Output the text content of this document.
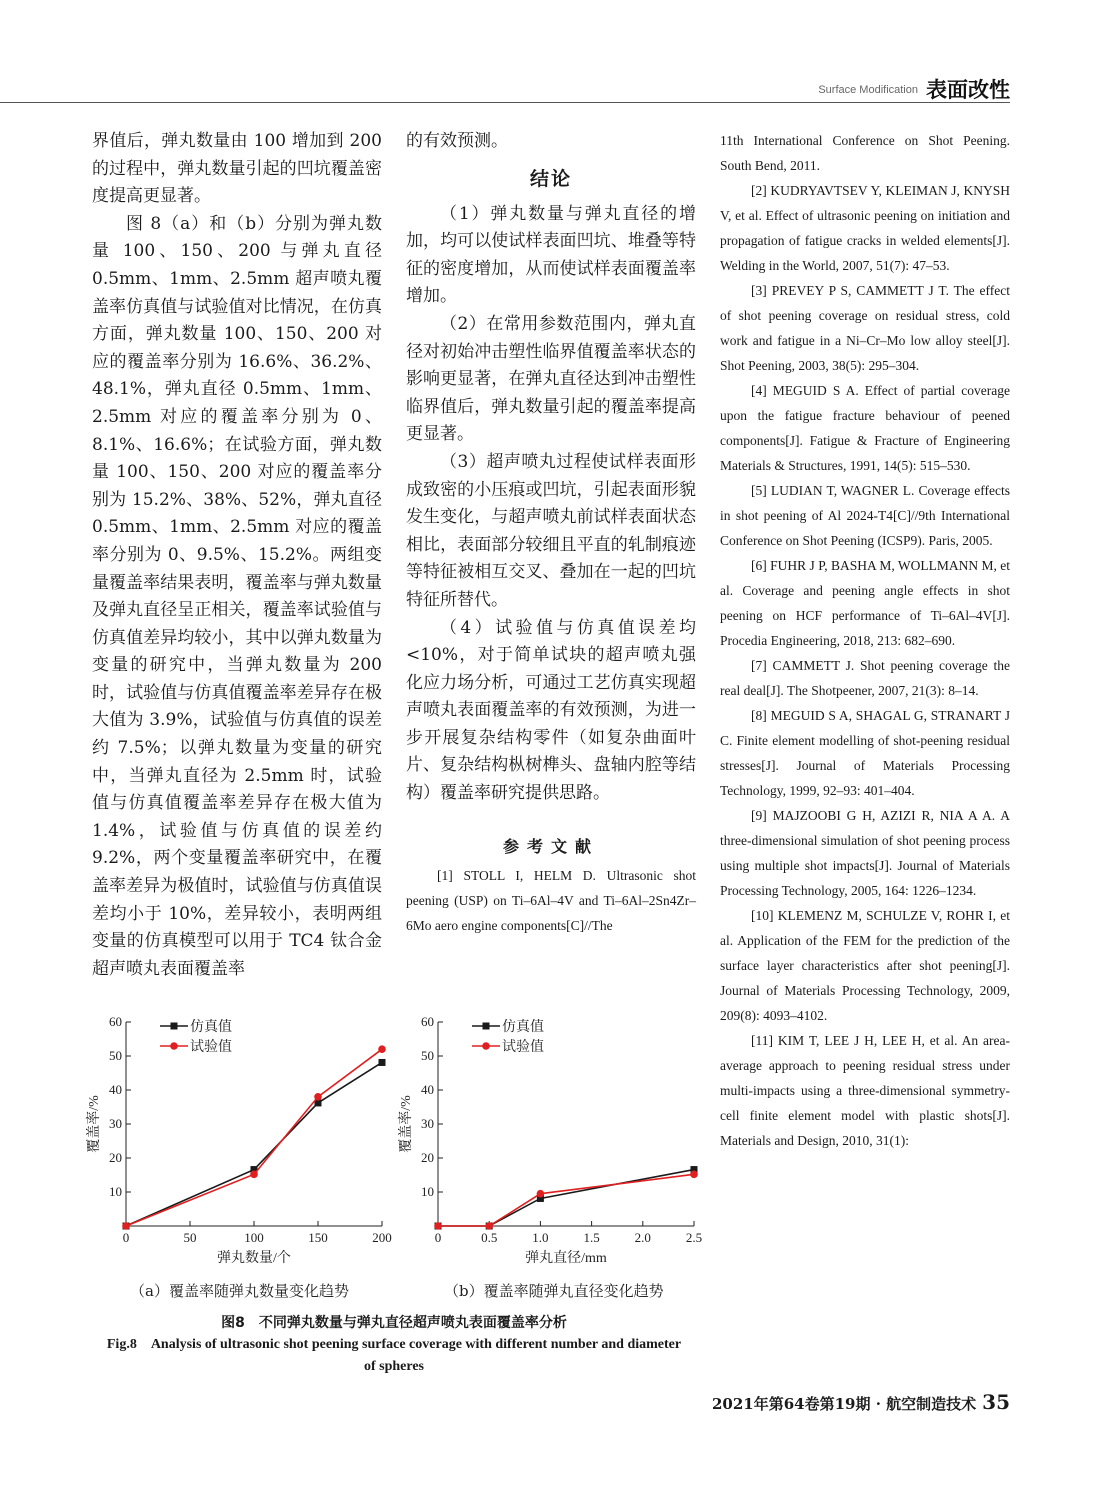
Surface Modification 表面改性

界值后，弹丸数量由 100 增加到 200 的过程中，弹丸数量引起的凹坑覆盖密度提高更显著。

图 8（a）和（b）分别为弹丸数量 100、150、200 与弹丸直径 0.5mm、1mm、2.5mm 超声喷丸覆盖率仿真值与试验值对比情况，在仿真方面，弹丸数量 100、150、200 对应的覆盖率分别为 16.6%、36.2%、48.1%，弹丸直径 0.5mm、1mm、2.5mm 对应的覆盖率分别为 0、8.1%、16.6%；在试验方面，弹丸数量 100、150、200 对应的覆盖率分别为 15.2%、38%、52%，弹丸直径 0.5mm、1mm、2.5mm 对应的覆盖率分别为 0、9.5%、15.2%。两组变量覆盖率结果表明，覆盖率与弹丸数量及弹丸直径呈正相关，覆盖率试验值与仿真值差异均较小，其中以弹丸数量为变量的研究中，当弹丸数量为 200 时，试验值与仿真值覆盖率差异存在极大值为 3.9%，试验值与仿真值的误差约 7.5%；以弹丸数量为变量的研究中，当弹丸直径为 2.5mm 时，试验值与仿真值覆盖率差异存在极大值为 1.4%，试验值与仿真值的误差约 9.2%，两个变量覆盖率研究中，在覆盖率差异为极值时，试验值与仿真值误差均小于 10%，差异较小，表明两组变量的仿真模型可以用于 TC4 钛合金超声喷丸表面覆盖率

的有效预测。

结论

（1）弹丸数量与弹丸直径的增加，均可以使试样表面凹坑、堆叠等特征的密度增加，从而使试样表面覆盖率增加。

（2）在常用参数范围内，弹丸直径对初始冲击塑性临界值覆盖率状态的影响更显著，在弹丸直径达到冲击塑性临界值后，弹丸数量引起的覆盖率提高更显著。

（3）超声喷丸过程使试样表面形成致密的小压痕或凹坑，引起表面形貌发生变化，与超声喷丸前试样表面状态相比，表面部分较细且平直的轧制痕迹等特征被相互交叉、叠加在一起的凹坑特征所替代。

（4）试验值与仿真值误差均<10%，对于简单试块的超声喷丸强化应力场分析，可通过工艺仿真实现超声喷丸表面覆盖率的有效预测，为进一步开展复杂结构零件（如复杂曲面叶片、复杂结构枞树榫头、盘轴内腔等结构）覆盖率研究提供思路。

参考文献

[1] STOLL I, HELM D. Ultrasonic shot peening (USP) on Ti–6Al–4V and Ti–6Al–2Sn4Zr–6Mo aero engine components[C]//The

11th International Conference on Shot Peening. South Bend, 2011.

[2] KUDRYAVTSEV Y, KLEIMAN J, KNYSH V, et al. Effect of ultrasonic peening on initiation and propagation of fatigue cracks in welded elements[J]. Welding in the World, 2007, 51(7): 47–53.

[3] PREVEY P S, CAMMETT J T. The effect of shot peening coverage on residual stress, cold work and fatigue in a Ni–Cr–Mo low alloy steel[J]. Shot Peening, 2003, 38(5): 295–304.

[4] MEGUID S A. Effect of partial coverage upon the fatigue fracture behaviour of peened components[J]. Fatigue & Fracture of Engineering Materials & Structures, 1991, 14(5): 515–530.

[5] LUDIAN T, WAGNER L. Coverage effects in shot peening of Al 2024-T4[C]//9th International Conference on Shot Peening (ICSP9). Paris, 2005.

[6] FUHR J P, BASHA M, WOLLMANN M, et al. Coverage and peening angle effects in shot peening on HCF performance of Ti–6Al–4V[J]. Procedia Engineering, 2018, 213: 682–690.

[7] CAMMETT J. Shot peening coverage the real deal[J]. The Shotpeener, 2007, 21(3): 8–14.

[8] MEGUID S A, SHAGAL G, STRANART J C. Finite element modelling of shot-peening residual stresses[J]. Journal of Materials Processing Technology, 1999, 92–93: 401–404.

[9] MAJZOOBI G H, AZIZI R, NIA A A. A three-dimensional simulation of shot peening process using multiple shot impacts[J]. Journal of Materials Processing Technology, 2005, 164: 1226–1234.

[10] KLEMENZ M, SCHULZE V, ROHR I, et al. Application of the FEM for the prediction of the surface layer characteristics after shot peening[J]. Journal of Materials Processing Technology, 2009, 209(8): 4093–4102.

[11] KIM T, LEE J H, LEE H, et al. An area-average approach to peening residual stress under multi-impacts using a three-dimensional symmetry-cell finite element model with plastic shots[J]. Materials and Design, 2010, 31(1):

10
20
30
40
50
60
0	50	100	150	200
弹丸数量/个
覆盖率/%
仿真值
试验值
10
20
30
40
50
60
0	0.5	1.0	1.5	2.0	2.5
弹丸直径/mm
覆盖率/%
仿真值
试验值
（a）覆盖率随弹丸数量变化趋势	（b）覆盖率随弹丸直径变化趋势
图8　不同弹丸数量与弹丸直径超声喷丸表面覆盖率分析
Fig.8　Analysis of ultrasonic shot peening surface coverage with different number and diameter of spheres
2021年第64卷第19期 · 航空制造技术 35
